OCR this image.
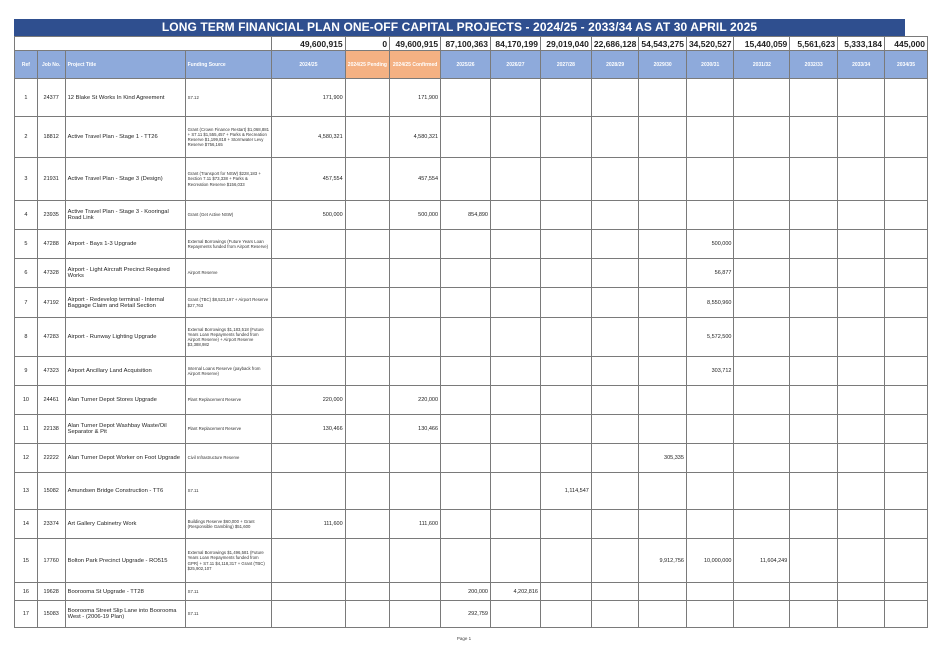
LONG TERM FINANCIAL PLAN ONE-OFF CAPITAL PROJECTS - 2024/25 - 2033/34 AS AT 30 APRIL 2025
				49,600,915	0	49,600,915	87,100,363	84,170,199	29,019,040	22,686,128	54,543,275	34,520,527	15,440,059	5,561,623	5,333,184	445,000
Ref	Job No.	Project Title	Funding Source	2024/25	2024/25 Pending	2024/25 Confirmed	2025/26	2026/27	2027/28	2028/29	2029/30	2030/31	2031/32	2032/33	2033/34	2034/35
1	24377	12 Blake St Works In Kind Agreement	S7.12	171,900		171,900										
2	18812	Active Travel Plan - Stage 1 - TT26	Grant (Crown Finance Restart) $1,068,881 + S7.11 $1,555,457 + Parks & Recreation Reserve $1,199,818 + Stormwater Levy Reserve $756,165	4,580,321		4,580,321										
3	21931	Active Travel Plan - Stage 3 (Design)	Grant (Transport for NSW) $228,183 + Section 7.11 $73,338 + Parks & Recreation Reserve $156,033	457,554		457,554										
4	23935	Active Travel Plan - Stage 3 - Kooringal Road Link	Grant (Get Active NSW)	500,000		500,000	854,890									
5	47288	Airport - Bays 1-3 Upgrade	External Borrowings (Future Years Loan Repayments funded from Airport Reserve)									500,000				
6	47328	Airport - Light Aircraft Precinct Required Works	Airport Reserve									56,877				
7	47192	Airport - Redevelop terminal - Internal Baggage Claim and Retail Section	Grant (TBC) $8,523,197 + Airport Reserve $27,763									8,550,960				
8	47283	Airport - Runway Lighting Upgrade	External Borrowings $1,183,518 (Future Years Loan Repayments funded from Airport Reserve) + Airport Reserve $3,388,982									5,572,500				
9	47323	Airport Ancillary Land Acquisition	Internal Loans Reserve (payback from Airport Reserve)									303,712				
10	24461	Alan Turner Depot Stores Upgrade	Plant Replacement Reserve	220,000		220,000										
11	22138	Alan Turner Depot Washbay Waste/Oil Separator & Pit	Plant Replacement Reserve	130,466		130,466										
12	22222	Alan Turner Depot Worker on Foot Upgrade	Civil Infrastructure Reserve								305,335					
13	15082	Amundsen Bridge Construction - TT6	S7.11						1,114,547							
14	23374	Art Gallery Cabinetry Work	Buildings Reserve $60,000 + Grant (Responsible Gambling) $51,600	111,600		111,600										
15	17760	Bolton Park Precinct Upgrade - RO515	External Borrowings $1,496,581 (Future Years Loan Repayments funded from GPR) + S7.11 $4,118,317 + Grant (TBC) $25,902,107								9,912,756	10,000,000	11,604,249			
16	19628	Boorooma St Upgrade - TT28	S7.11				200,000	4,202,816								
17	15083	Boorooma Street Slip Lane into Boorooma West - (2006-19 Plan)	S7.11				292,759									
Page 1
